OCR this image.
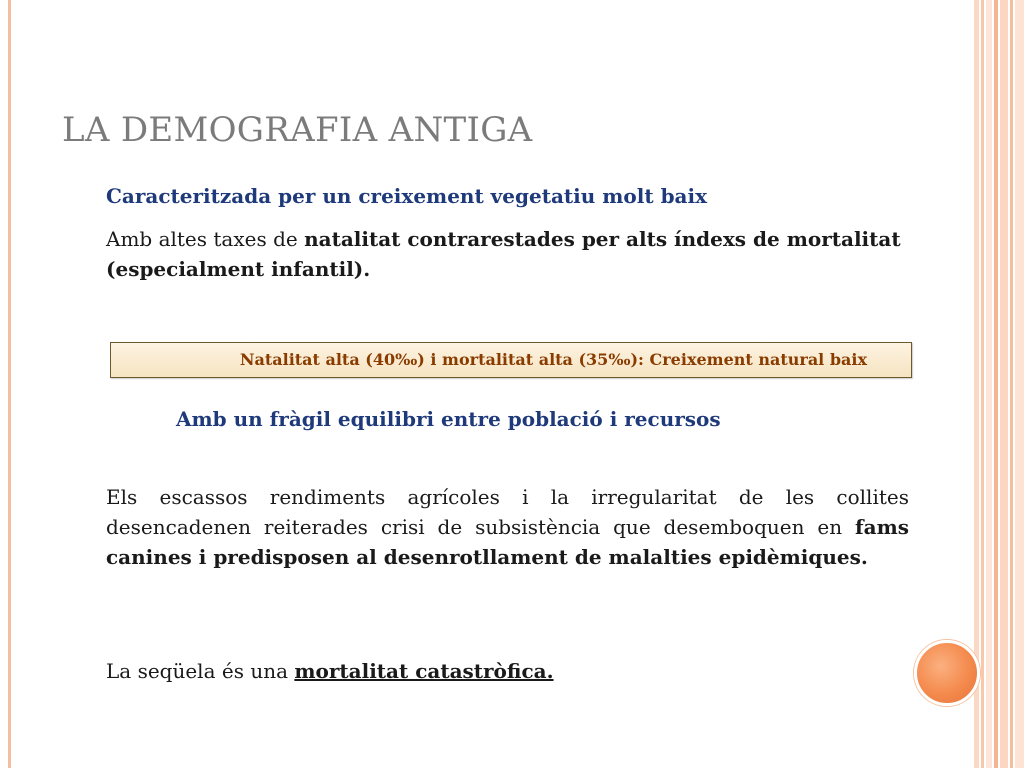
LA DEMOGRAFIA ANTIGA
Caracteritzada per un creixement vegetatiu molt baix
Amb altes taxes de natalitat contrarestades per alts índexs de mortalitat (especialment infantil).
Natalitat alta (40‰) i mortalitat alta (35‰): Creixement natural baix
Amb un fràgil equilibri entre població i recursos
Els escassos rendiments agrícoles i la irregularitat de les collites desencadenen reiterades crisi de subsistència que desemboquen en fams canines i predisposen al desenrotllament de malalties epidèmiques.
La seqüela és una mortalitat catastròfica.
